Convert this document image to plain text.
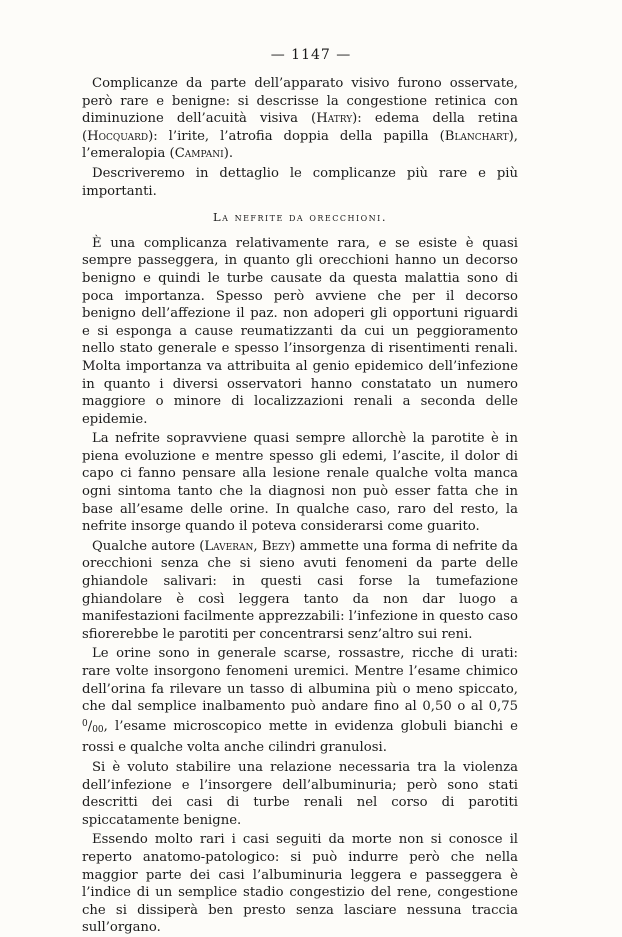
— 1147 —

Complicanze da parte dell’apparato visivo furono osservate, però rare e benigne: si descrisse la congestione retinica con diminuzione dell’acuità visiva (Hatry): edema della retina (Hocquard): l’irite, l’atrofia doppia della papilla (Blanchart), l’emeralopia (Campani).

Descriveremo in dettaglio le complicanze più rare e più importanti.

La nefrite da orecchioni.

È una complicanza relativamente rara, e se esiste è quasi sempre passeggera, in quanto gli orecchioni hanno un decorso benigno e quindi le turbe causate da questa malattia sono di poca importanza. Spesso però avviene che per il decorso benigno dell’affezione il paz. non adoperi gli opportuni riguardi e si esponga a cause reumatizzanti da cui un peggioramento nello stato generale e spesso l’insorgenza di risentimenti renali. Molta importanza va attribuita al genio epidemico dell’infezione in quanto i diversi osservatori hanno constatato un numero maggiore o minore di localizzazioni renali a seconda delle epidemie.

La nefrite sopravviene quasi sempre allorchè la parotite è in piena evoluzione e mentre spesso gli edemi, l’ascite, il dolor di capo ci fanno pensare alla lesione renale qualche volta manca ogni sintoma tanto che la diagnosi non può esser fatta che in base all’esame delle orine. In qualche caso, raro del resto, la nefrite insorge quando il poteva considerarsi come guarito.

Qualche autore (Laveran, Bezy) ammette una forma di nefrite da orecchioni senza che si sieno avuti fenomeni da parte delle ghiandole salivari: in questi casi forse la tumefazione ghiandolare è così leggera tanto da non dar luogo a manifestazioni facilmente apprezzabili: l’infezione in questo caso sfiorerebbe le parotiti per concentrarsi senz’altro sui reni.

Le orine sono in generale scarse, rossastre, ricche di urati: rare volte insorgono fenomeni uremici. Mentre l’esame chimico dell’orina fa rilevare un tasso di albumina più o meno spiccato, che dal semplice inalbamento può andare fino al 0,50 o al 0,75 $^0/_{00}$, l’esame microscopico mette in evidenza globuli bianchi e rossi e qualche volta anche cilindri granulosi.

Si è voluto stabilire una relazione necessaria tra la violenza dell’infezione e l’insorgere dell’albuminuria; però sono stati descritti dei casi di turbe renali nel corso di parotiti spiccatamente benigne.

Essendo molto rari i casi seguiti da morte non si conosce il reperto anatomo-patologico: si può indurre però che nella maggior parte dei casi l’albuminuria leggera e passeggera è l’indice di un semplice stadio congestizio del rene, congestione che si dissiperà ben presto senza lasciare nessuna traccia sull’organo.
